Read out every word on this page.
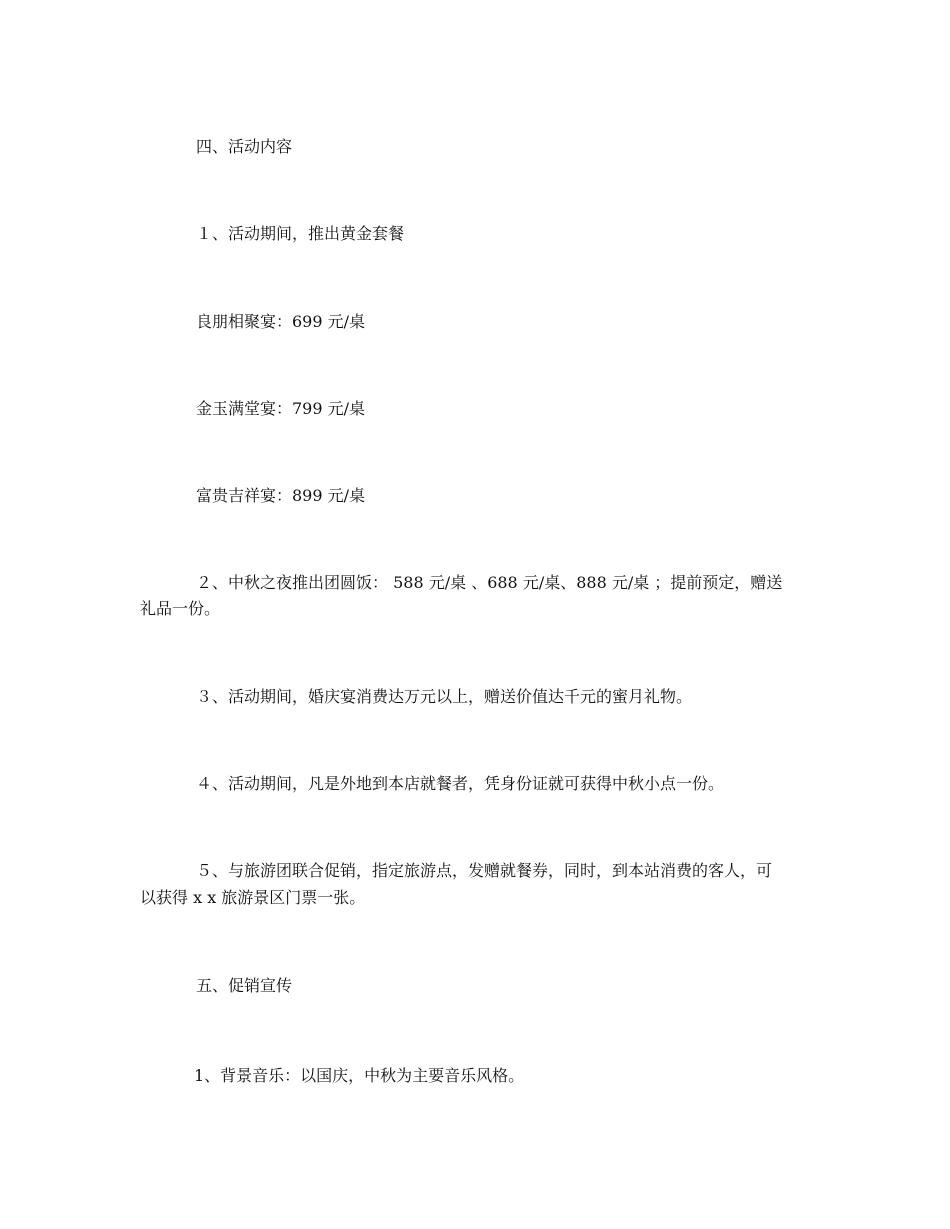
四、活动内容
１、活动期间，推出黄金套餐
良朋相聚宴：699 元/桌
金玉满堂宴：799 元/桌
富贵吉祥宴：899 元/桌
２、中秋之夜推出团圆饭： 588 元/桌 、688 元/桌、888 元/桌 ；提前预定，赠送
礼品一份。
３、活动期间，婚庆宴消费达万元以上，赠送价值达千元的蜜月礼物。
４、活动期间，凡是外地到本店就餐者，凭身份证就可获得中秋小点一份。
５、与旅游团联合促销，指定旅游点，发赠就餐券，同时，到本站消费的客人，可
以获得 x x 旅游景区门票一张。
五、促销宣传
1、背景音乐：以国庆，中秋为主要音乐风格。
